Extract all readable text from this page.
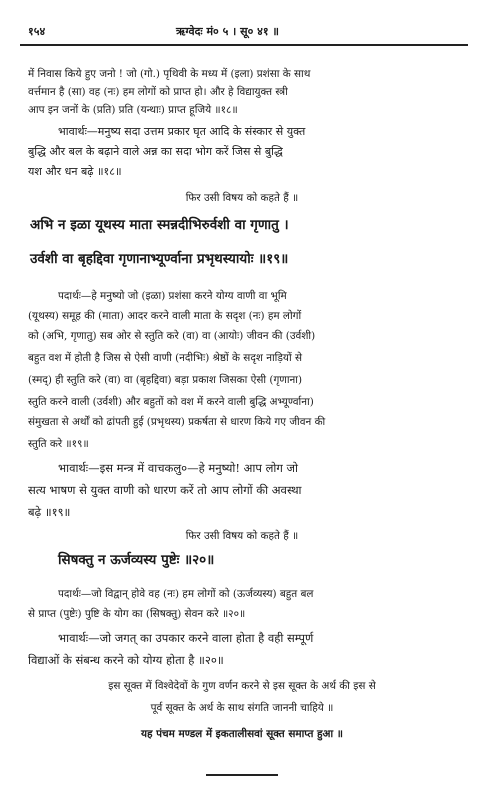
१५४	ऋग्वेदः मं० ५ । सू० ४१ ॥
में निवास किये हुए जनो ! जो (गो.) पृथिवी के मध्य में (इला) प्रशंसा के साथ
वर्त्तमान है (सा) वह (नः) हम लोगों को प्राप्त हो। और हे विद्यायुक्त स्त्री
आप इन जनों के (प्रति) प्रति (यन्थाः) प्राप्त हूजिये ॥१८॥
भावार्थः—मनुष्य सदा उत्तम प्रकार घृत आदि के संस्कार से युक्त
बुद्धि और बल के बढ़ाने वाले अन्न का सदा भोग करें जिस से बुद्धि
यश और धन बढ़े ॥१८॥
फिर उसी विषय को कहते हैं ॥
अभि न इळा यूथस्य माता स्मन्नदीभिरुर्वशी वा गृणातु ।
उर्वशी वा बृहद्दिवा गृणानाभ्यूर्ण्वाना प्रभृथस्यायोः ॥१९॥
पदार्थः—हे मनुष्यो जो (इळा) प्रशंसा करने योग्य वाणी वा भूमि
(यूथस्य) समूह की (माता) आदर करने वाली माता के सदृश (नः) हम लोगों
को (अभि, गृणातु) सब ओर से स्तुति करे (वा) वा (आयोः) जीवन की (उर्वशी)
बहुत वश में होती है जिस से ऐसी वाणी (नदीभिः) श्रेष्ठों के सदृश नाड़ियों से
(स्मद्) ही स्तुति करे (वा) वा (बृहद्दिवा) बड़ा प्रकाश जिसका ऐसी (गृणाना)
स्तुति करने वाली (उर्वशी) और बहुतों को वश में करने वाली बुद्धि अभ्यूर्ण्वाना)
संमुखता से अर्थों को ढांपती हुई (प्रभृथस्य) प्रकर्षता से धारण किये गए जीवन की
स्तुति करे ॥१९॥
भावार्थः—इस मन्त्र में वाचकलु०—हे मनुष्यो! आप लोग जो
सत्य भाषण से युक्त वाणी को धारण करें तो आप लोगों की अवस्था
बढ़े ॥१९॥
फिर उसी विषय को कहते हैं ॥
सिषक्तु न ऊर्जव्यस्य पुष्टेः ॥२०॥
पदार्थः—जो विद्वान् होवे वह (नः) हम लोगों को (ऊर्जव्यस्य) बहुत बल
से प्राप्त (पुष्टेः) पुष्टि के योग का (सिषक्तु) सेवन करे ॥२०॥
भावार्थः—जो जगत् का उपकार करने वाला होता है वही सम्पूर्ण
विद्याओं के संबन्ध करने को योग्य होता है ॥२०॥
इस सूक्त में विश्वेदेवों के गुण वर्णन करने से इस सूक्त के अर्थ की इस से
पूर्व सूक्त के अर्थ के साथ संगति जाननी चाहिये ॥
यह पंचम मण्डल में इकतालीसवां सूक्त समाप्त हुआ ॥
